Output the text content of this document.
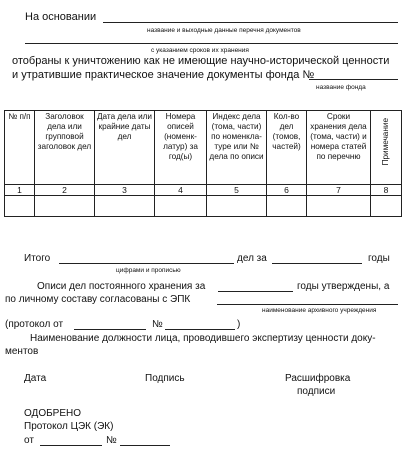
На основании
название и выходные данные перечня документов
с указанием сроков их хранения
отобраны к уничтожению как не имеющие научно-исторической ценности
и утратившие практическое значение документы фонда №
название фонда
№ п/п	Заголовок дела или групповой заголовок дел	Дата дела или крайние даты дел	Номера описей (номенк-латур) за год(ы)	Индекс дела (тома, части) по номенкла-туре или № дела по описи	Кол-во дел (томов, частей)	Сроки хранения дела (тома, части) и номера статей по перечню	Примечание
1	2	3	4	5	6	7	8

Итого	дел за	годы
цифрами и прописью
Описи дел постоянного хранения за	годы утверждены, а
по личному составу согласованы с ЭПК
наименование архивного учреждения
(протокол от	№	)
Наименование должности лица, проводившего экспертизу ценности доку-
ментов
Дата	Подпись	Расшифровка
подписи
ОДОБРЕНО
Протокол ЦЭК (ЭК)
от	№
